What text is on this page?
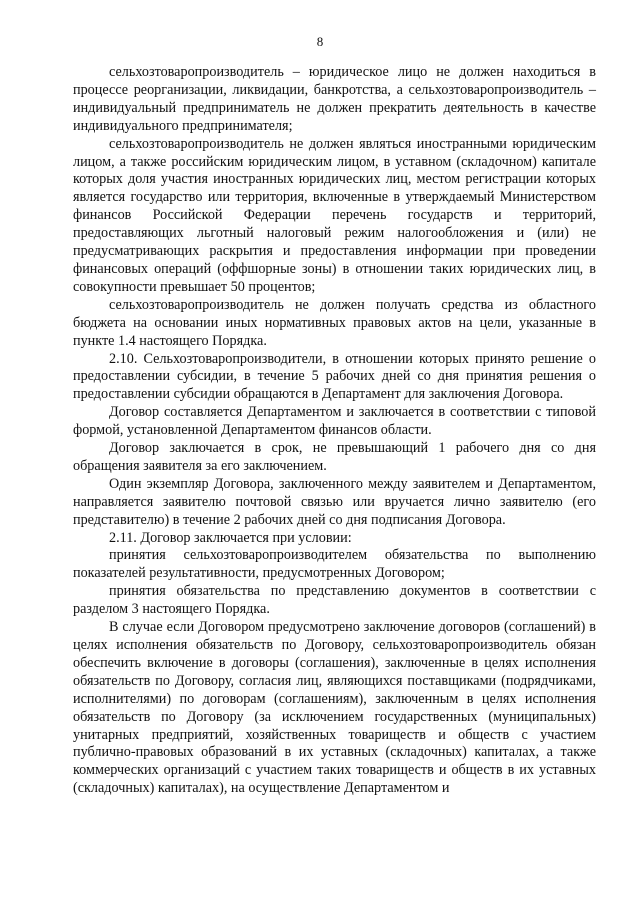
8

сельхозтоваропроизводитель – юридическое лицо не должен находиться в процессе реорганизации, ликвидации, банкротства, а сельхозтоваропроизводитель – индивидуальный предприниматель не должен прекратить деятельность в качестве индивидуального предпринимателя;

сельхозтоваропроизводитель не должен являться иностранными юридическим лицом, а также российским юридическим лицом, в уставном (складочном) капитале которых доля участия иностранных юридических лиц, местом регистрации которых является государство или территория, включенные в утверждаемый Министерством финансов Российской Федерации перечень государств и территорий, предоставляющих льготный налоговый режим налогообложения и (или) не предусматривающих раскрытия и предоставления информации при проведении финансовых операций (оффшорные зоны) в отношении таких юридических лиц, в совокупности превышает 50 процентов;

сельхозтоваропроизводитель не должен получать средства из областного бюджета на основании иных нормативных правовых актов на цели, указанные в пункте 1.4 настоящего Порядка.

2.10. Сельхозтоваропроизводители, в отношении которых принято решение о предоставлении субсидии, в течение 5 рабочих дней со дня принятия решения о предоставлении субсидии обращаются в Департамент для заключения Договора.

Договор составляется Департаментом и заключается в соответствии с типовой формой, установленной Департаментом финансов области.

Договор заключается в срок, не превышающий 1 рабочего дня со дня обращения заявителя за его заключением.

Один экземпляр Договора, заключенного между заявителем и Департаментом, направляется заявителю почтовой связью или вручается лично заявителю (его представителю) в течение 2 рабочих дней со дня подписания Договора.

2.11. Договор заключается при условии:

принятия сельхозтоваропроизводителем обязательства по выполнению показателей результативности, предусмотренных Договором;

принятия обязательства по представлению документов в соответствии с разделом 3 настоящего Порядка.

В случае если Договором предусмотрено заключение договоров (соглашений) в целях исполнения обязательств по Договору, сельхозтоваропроизводитель обязан обеспечить включение в договоры (соглашения), заключенные в целях исполнения обязательств по Договору, согласия лиц, являющихся поставщиками (подрядчиками, исполнителями) по договорам (соглашениям), заключенным в целях исполнения обязательств по Договору (за исключением государственных (муниципальных) унитарных предприятий, хозяйственных товариществ и обществ с участием публично-правовых образований в их уставных (складочных) капиталах, а также коммерческих организаций с участием таких товариществ и обществ в их уставных (складочных) капиталах), на осуществление Департаментом и
